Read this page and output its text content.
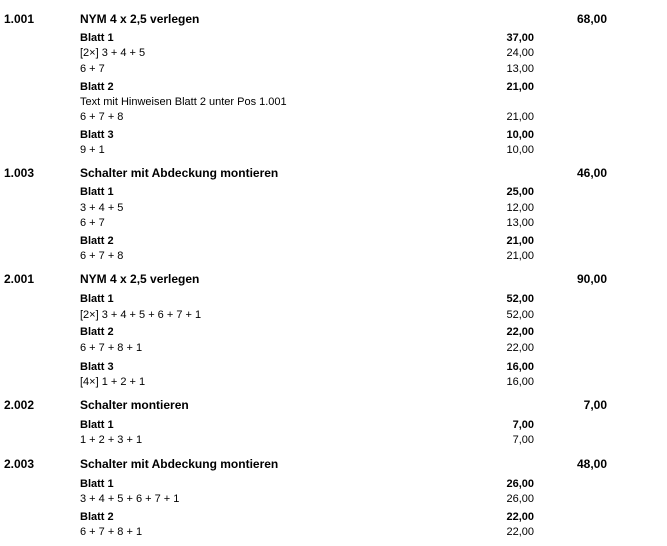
1.001	NYM 4 x 2,5 verlegen	68,00
Blatt 1	37,00
[2×] 3 + 4 + 5	24,00
6 + 7	13,00
Blatt 2	21,00
Text mit Hinweisen Blatt 2 unter Pos 1.001
6 + 7 + 8	21,00
Blatt 3	10,00
9 + 1	10,00
1.003	Schalter mit Abdeckung montieren	46,00
Blatt 1	25,00
3 + 4 + 5	12,00
6 + 7	13,00
Blatt 2	21,00
6 + 7 + 8	21,00
2.001	NYM 4 x 2,5 verlegen	90,00
Blatt 1	52,00
[2×] 3 + 4 + 5 + 6 + 7 + 1	52,00
Blatt 2	22,00
6 + 7 + 8 + 1	22,00
Blatt 3	16,00
[4×] 1 + 2 + 1	16,00
2.002	Schalter montieren	7,00
Blatt 1	7,00
1 + 2 + 3 + 1	7,00
2.003	Schalter mit Abdeckung montieren	48,00
Blatt 1	26,00
3 + 4 + 5 + 6 + 7 + 1	26,00
Blatt 2	22,00
6 + 7 + 8 + 1	22,00
